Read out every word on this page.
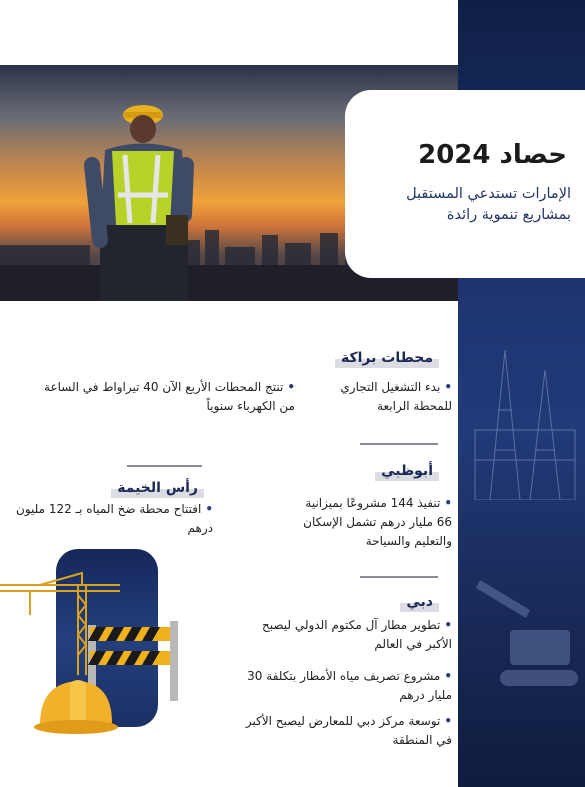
حصاد 2024
الإمارات تستدعي المستقبل
بمشاريع تنموية رائدة
محطات براكة
•بدء التشغيل التجاري للمحطة الرابعة
•تنتج المحطات الأربع الآن 40 تيراواط في الساعة من الكهرباء سنوياً
أبوظبي
•تنفيذ 144 مشروعًا بميزانية 66 مليار درهم تشمل الإسكان والتعليم والسياحة
رأس الخيمة
•افتتاح محطة ضخ المياه بـ 122 مليون درهم
دبي
•تطوير مطار آل مكتوم الدولي ليصبح الأكبر في العالم
•مشروع تصريف مياه الأمطار بتكلفة 30 مليار درهم
•توسعة مركز دبي للمعارض ليصبح الأكبر في المنطقة
